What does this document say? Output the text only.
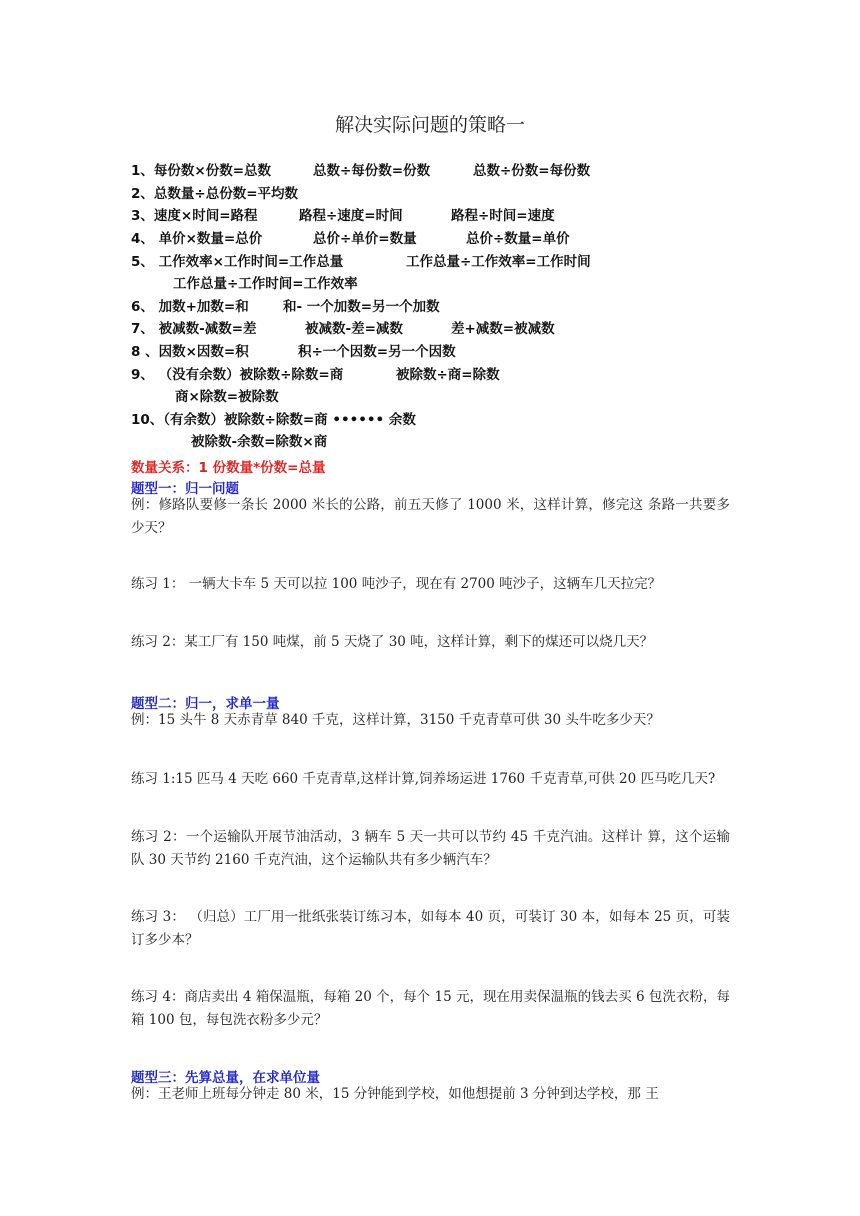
解决实际问题的策略一
1、每份数×份数=总数	总数÷每份数=份数	总数÷份数=每份数
2、总数量÷总份数=平均数
3、速度×时间=路程	路程÷速度=时间	路程÷时间=速度
4、 单价×数量=总价	总价÷单价=数量	总价÷数量=单价
5、 工作效率×工作时间=工作总量	工作总量÷工作效率=工作时间
工作总量÷工作时间=工作效率
6、 加数+加数=和	和- 一个加数=另一个加数
7、 被减数-减数=差	被减数-差=减数	差+减数=被减数
8 、因数×因数=积	积÷一个因数=另一个因数
9、 （没有余数）被除数÷除数=商	被除数÷商=除数
商×除数=被除数
10、（有余数）被除数÷除数=商 •••••• 余数
被除数-余数=除数×商
数量关系：1 份数量*份数=总量
题型一：归一问题
例：修路队要修一条长 2000 米长的公路，前五天修了 1000 米，这样计算，修完这 条路一共要多少天？
练习 1： 一辆大卡车 5 天可以拉 100 吨沙子，现在有 2700 吨沙子，这辆车几天拉完？
练习 2：某工厂有 150 吨煤，前 5 天烧了 30 吨，这样计算，剩下的煤还可以烧几天？
题型二：归一，求单一量
例：15 头牛 8 天赤青草 840 千克，这样计算，3150 千克青草可供 30 头牛吃多少天？
练习 1:15 匹马 4 天吃 660 千克青草,这样计算,饲养场运进 1760 千克青草,可供 20 匹马吃几天?
练习 2：一个运输队开展节油活动，3 辆车 5 天一共可以节约 45 千克汽油。这样计 算，这个运输队 30 天节约 2160 千克汽油，这个运输队共有多少辆汽车？
练习 3： （归总）工厂用一批纸张装订练习本，如每本 40 页，可装订 30 本，如每本 25 页，可装订多少本？
练习 4：商店卖出 4 箱保温瓶，每箱 20 个，每个 15 元，现在用卖保温瓶的钱去买 6 包洗衣粉，每箱 100 包，每包洗衣粉多少元？
题型三：先算总量，在求单位量
例：王老师上班每分钟走 80 米，15 分钟能到学校，如他想提前 3 分钟到达学校，那 王
